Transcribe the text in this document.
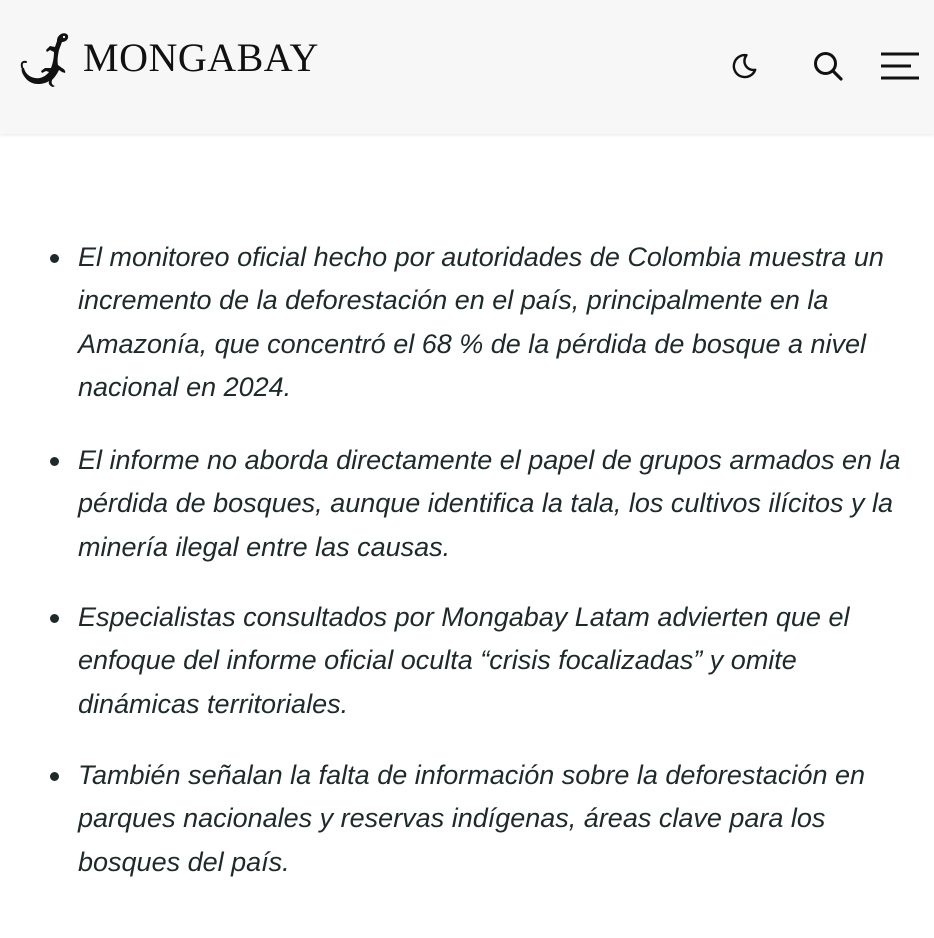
MONGABAY
El monitoreo oficial hecho por autoridades de Colombia muestra un incremento de la deforestación en el país, principalmente en la Amazonía, que concentró el 68 % de la pérdida de bosque a nivel nacional en 2024.
El informe no aborda directamente el papel de grupos armados en la pérdida de bosques, aunque identifica la tala, los cultivos ilícitos y la minería ilegal entre las causas.
Especialistas consultados por Mongabay Latam advierten que el enfoque del informe oficial oculta “crisis focalizadas” y omite dinámicas territoriales.
También señalan la falta de información sobre la deforestación en parques nacionales y reservas indígenas, áreas clave para los bosques del país.
